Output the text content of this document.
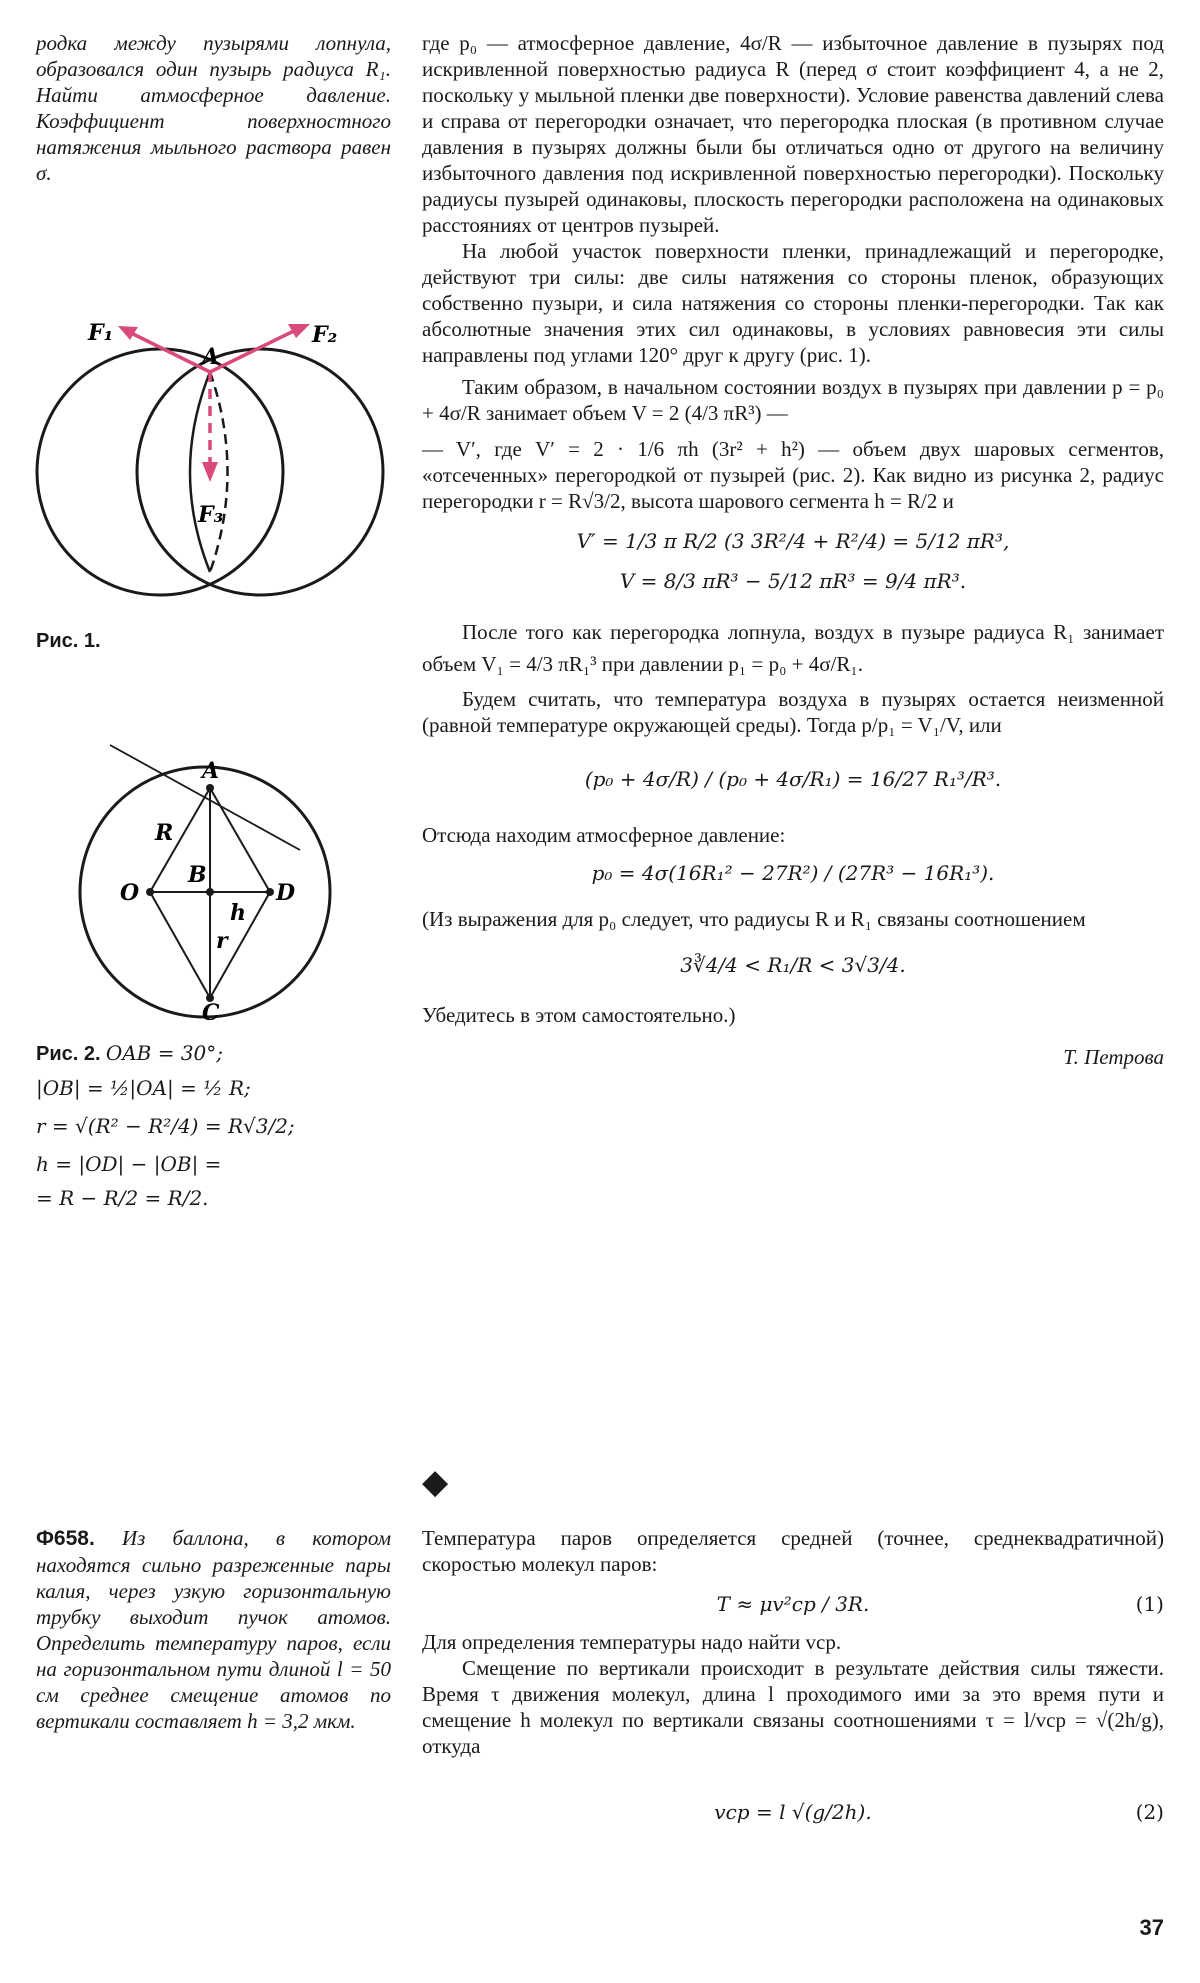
родка между пузырями лопнула, образовался один пузырь радиуса R₁. Найти атмосферное давление. Коэффициент поверхностного натяжения мыльного раствора равен σ.

F₁	F₂
F₃
A
Рис. 1.
A
R
O
B
D
h
r
C
Рис. 2. OAB = 30°;
|OB| = ½|OA| = ½ R;
r = √(R² − R²/4) = R√3/2;
h = |OD| − |OB| =
= R − R/2 = R/2.

Ф658. Из баллона, в котором находятся сильно разреженные пары калия, через узкую горизонтальную трубку выходит пучок атомов. Определить температуру паров, если на горизонтальном пути длиной l = 50 см среднее смещение атомов по вертикали составляет h = 3,2 мкм.

где p₀ — атмосферное давление, 4σ/R — избыточное давление в пузырях под искривленной поверхностью радиуса R (перед σ стоит коэффициент 4, а не 2, поскольку у мыльной пленки две поверхности). Условие равенства давлений слева и справа от перегородки означает, что перегородка плоская (в противном случае давления в пузырях должны были бы отличаться одно от другого на величину избыточного давления под искривленной поверхностью перегородки). Поскольку радиусы пузырей одинаковы, плоскость перегородки расположена на одинаковых расстояниях от центров пузырей.

На любой участок поверхности пленки, принадлежащий и перегородке, действуют три силы: две силы натяжения со стороны пленок, образующих собственно пузыри, и сила натяжения со стороны пленки-перегородки. Так как абсолютные значения этих сил одинаковы, в условиях равновесия эти силы направлены под углами 120° друг к другу (рис. 1).

Таким образом, в начальном состоянии воздух в пузырях при давлении p = p₀ + 4σ/R занимает объем V = 2 (4/3 πR³) —

— V′, где V′ = 2 · 1/6 πh (3r² + h²) — объем двух шаровых сегментов, «отсеченных» перегородкой от пузырей (рис. 2). Как видно из рисунка 2, радиус перегородки r = R√3/2, высота шарового сегмента h = R/2 и

V′ = 1/3 π R/2 (3 3R²/4 + R²/4) = 5/12 πR³,
V = 8/3 πR³ − 5/12 πR³ = 9/4 πR³.

После того как перегородка лопнула, воздух в пузыре радиуса R₁ занимает объем V₁ = 4/3 πR₁³ при давлении p₁ = p₀ + 4σ/R₁.

Будем считать, что температура воздуха в пузырях остается неизменной (равной температуре окружающей среды). Тогда p/p₁ = V₁/V, или

(p₀ + 4σ/R) / (p₀ + 4σ/R₁) = 16/27 R₁³/R³.

Отсюда находим атмосферное давление:

p₀ = 4σ(16R₁² − 27R²) / (27R³ − 16R₁³).

(Из выражения для p₀ следует, что радиусы R и R₁ связаны соотношением

3∛4/4 < R₁/R < 3√3/4.

Убедитесь в этом самостоятельно.)

Т. Петрова

◆

Температура паров определяется средней (точнее, среднеквадратичной) скоростью молекул паров:

T ≈ μv²ср / 3R.	(1)

Для определения температуры надо найти vср.

Смещение по вертикали происходит в результате действия силы тяжести. Время τ движения молекул, длина l проходимого ими за это время пути и смещение h молекул по вертикали связаны соотношениями τ = l/vср = √(2h/g), откуда

vср = l √(g/2h).	(2)
37
